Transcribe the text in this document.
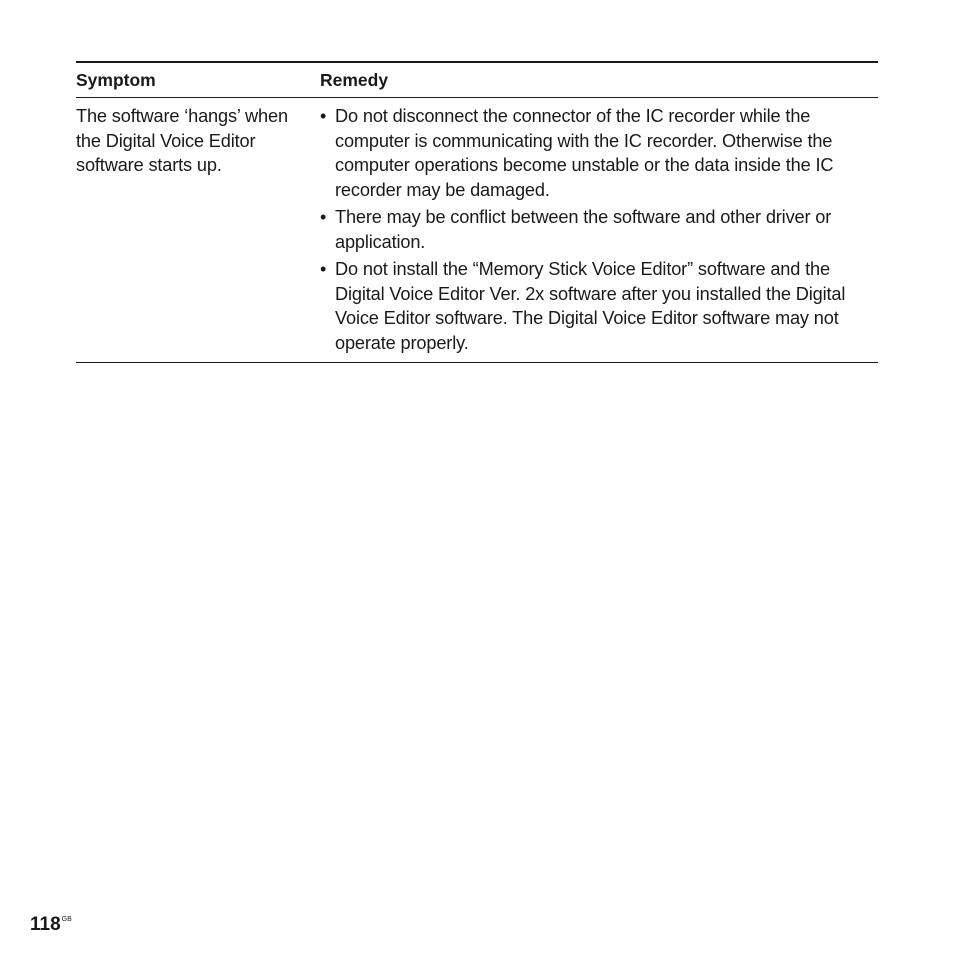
Symptom	Remedy
The software ‘hangs’ when the Digital Voice Editor software starts up.
• Do not disconnect the connector of the IC recorder while the computer is communicating with the IC recorder. Otherwise the computer operations become unstable or the data inside the IC recorder may be damaged.
• There may be conflict between the software and other driver or application.
• Do not install the “Memory Stick Voice Editor” software and the Digital Voice Editor Ver. 2x software after you installed the Digital Voice Editor software. The Digital Voice Editor software may not operate properly.
$118^{GB}$
